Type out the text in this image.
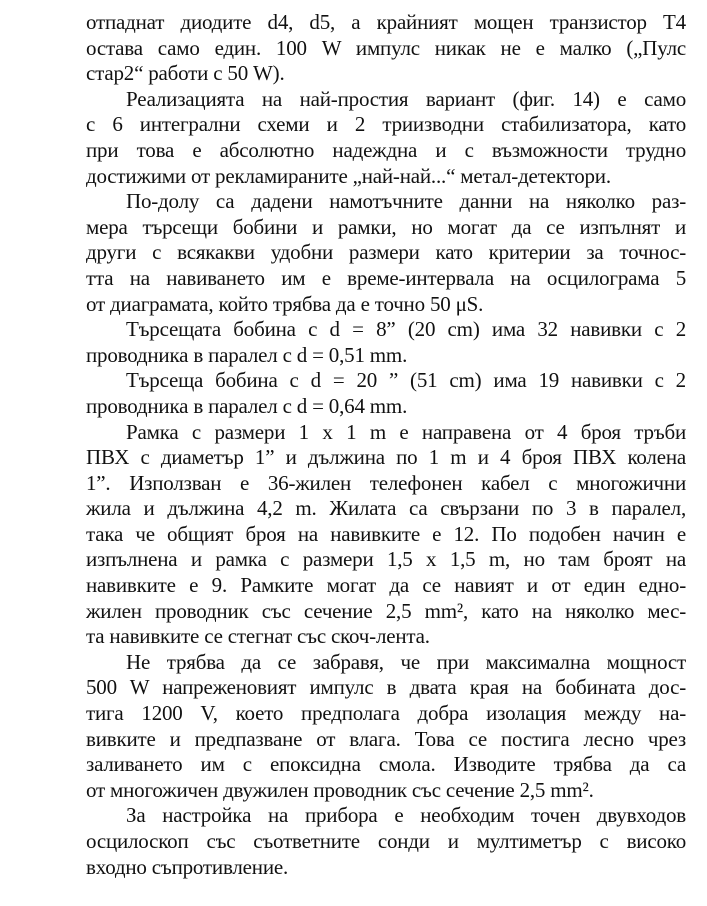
отпаднат диодите d4, d5, а крайният мощен транзистор T4
остава само един. 100 W импулс никак не е малко („Пулс
стар2“ работи с 50 W).
Реализацията на най-простия вариант (фиг. 14) е само
с 6 интегрални схеми и 2 триизводни стабилизатора, като
при това е абсолютно надеждна и с възможности трудно
достижими от рекламираните „най-най...“ метал-детектори.
По-долу са дадени намотъчните данни на няколко раз-
мера търсещи бобини и рамки, но могат да се изпълнят и
други с всякакви удобни размери като критерии за точнос-
тта на навиването им е време-интервала на осцилограма 5
от диаграмата, който трябва да е точно 50 μS.
Търсещата бобина с d = 8” (20 cm) има 32 навивки с 2
проводника в паралел с d = 0,51 mm.
Търсеща бобина с d = 20 ” (51 cm) има 19 навивки с 2
проводника в паралел с d = 0,64 mm.
Рамка с размери 1 x 1 m е направена от 4 броя тръби
ПВХ с диаметър 1” и дължина по 1 m и 4 броя ПВХ колена
1”. Използван е 36-жилен телефонен кабел с многожични
жила и дължина 4,2 m. Жилата са свързани по 3 в паралел,
така че общият броя на навивките е 12. По подобен начин е
изпълнена и рамка с размери 1,5 x 1,5 m, но там броят на
навивките е 9. Рамките могат да се навият и от един едно-
жилен проводник със сечение 2,5 mm², като на няколко мес-
та навивките се стегнат със скоч-лента.
Не трябва да се забравя, че при максимална мощност
500 W напреженовият импулс в двата края на бобината дос-
тига 1200 V, което предполага добра изолация между на-
вивките и предпазване от влага. Това се постига лесно чрез
заливането им с епоксидна смола. Изводите трябва да са
от многожичен двужилен проводник със сечение 2,5 mm².
За настройка на прибора е необходим точен двувходов
осцилоскоп със съответните сонди и мултиметър с високо
входно съпротивление.
